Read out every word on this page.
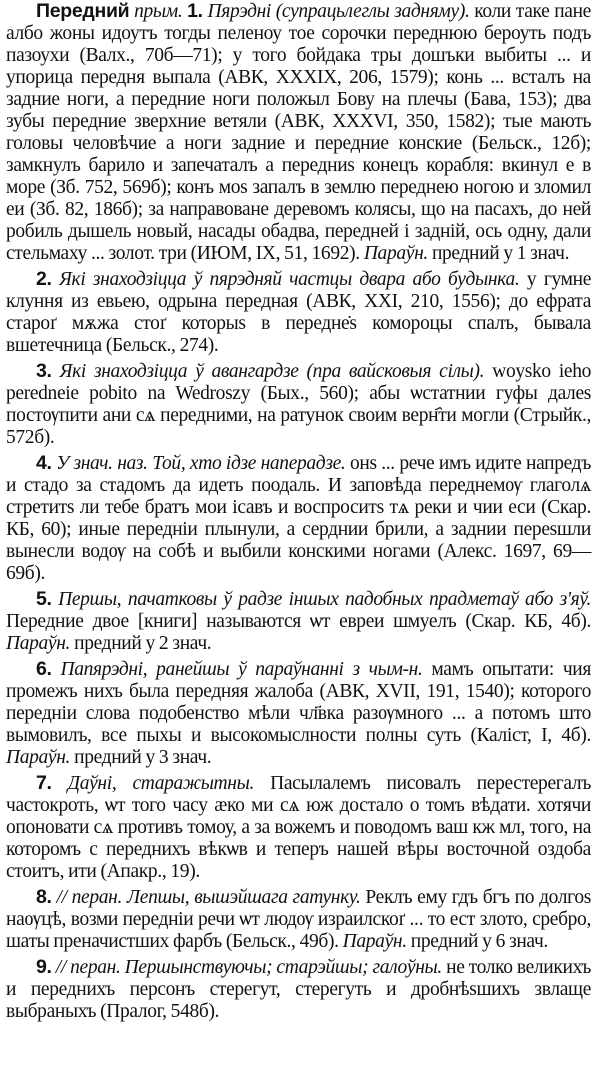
Передний прым. 1. Пярэдні (супрацьлеглы задняму). коли таке пане албо жоны идоутъ тогды пеленоу тое сорочки переднюю бероуть подъ пазоухи (Валх., 70б—71); у того бойдака тры дошъки выбиты ... и упорица передня выпала (АВК, XXXIX, 206, 1579); конь ... всталъ на задние ноги, а передние ноги положыл Бову на плечы (Бава, 153); два зубы передние зверхние ветяли (АВК, XXXVI, 350, 1582); тые мають головы человѣчие а ноги задние и передние конские (Бельск., 12б); замкнулъ барило и запечаталъ а передниѕ конецъ корабля: вкинул е в море (Зб. 752, 569б); конъ моѕ запалъ в землю переднею ногою и зломил еи (Зб. 82, 186б); за направоване деревомъ колясы, що на пасахъ, до ней робиль дышель новый, насады обадва, передней і задній, ось одну, дали стельмаху ... золот. три (ИЮМ, IX, 51, 1692). Параўн. предний у 1 знач.

2. Які знаходзіцца ў пярэдняй частцы двара або будынка. у гумне клуння из евьею, одрына передная (АВК, XXI, 210, 1556); до ефрата староґ мѫжа стоґ которыѕ в передне̇ѕ комороцы спалъ, бывала вшетечница (Бельск., 274).

3. Які знаходзіцца ў авангардзе (пра вайсковыя сілы). woysko ieho peredneie pobito na Wedroszy (Бых., 560); абы ѡстатнии гуфы далеѕ постѹпити ани сѧ передними, на ратунок своим верн҄ти могли (Стрыйк., 572б).

4. У знач. наз. Той, хто ідзе наперадзе. онѕ ... рече имъ идите напредъ и стадо за стадомъ да идеть поодаль. И заповѣда переднемѹ глаголѧ стретитѕ ли тебе братъ мои ісавъ и воспроситѕ тѧ реки и чии еси (Скар. КБ, 60); иные передніи плынули, а серднии брили, а заднии переѕшли вынесли водѹ на собѣ и выбили конскими ногами (Алекс. 1697, 69—69б).

5. Першы, пачатковы ў радзе іншых падобных прадметаў або з'яў. Передние двое [книги] называются ѡт евреи шмуелъ (Скар. КБ, 4б). Параўн. предний у 2 знач.

6. Папярэдні, ранейшы ў параўнанні з чым-н. мамъ опытати: чия промежъ нихъ была передняя жалоба (АВК, XVII, 191, 1540); которого передніи слова подобенство мѣли чл҃вка разѹмного ... а потомъ што вымовилъ, все пыхы и высокомыслности полны суть (Каліст, І, 4б). Параўн. предний у 3 знач.

7. Даўні, старажытны. Пасылалемъ писовалъ перестерегалъ частокроть, ѡт того часу ӕко ми сѧ юж достало о томъ вѣдати. хотячи опоновати сѧ противъ томоу, а за вожемъ и поводомъ ваш кж мл, того, на которомъ с переднихъ вѣкѡв и теперъ нашей вѣры восточной оздоба стоитъ, ити (Апакр., 19).

8. // перан. Лепшы, вышэйшага гатунку. Реклъ ему гдъ бгъ по долгоѕ наѹцѣ, возми передніи речи ѡт людѹ израилскоґ ... то ест злото, сребро, шаты преначистших фарбъ (Бельск., 49б). Параўн. предний у 6 знач.

9. // перан. Першынствуючы; старэйшы; галоўны. не толко великихъ и переднихъ персонъ стерегут, стерегуть и дробнѣѕшихъ звлаще выбраныхъ (Пралог, 548б).
